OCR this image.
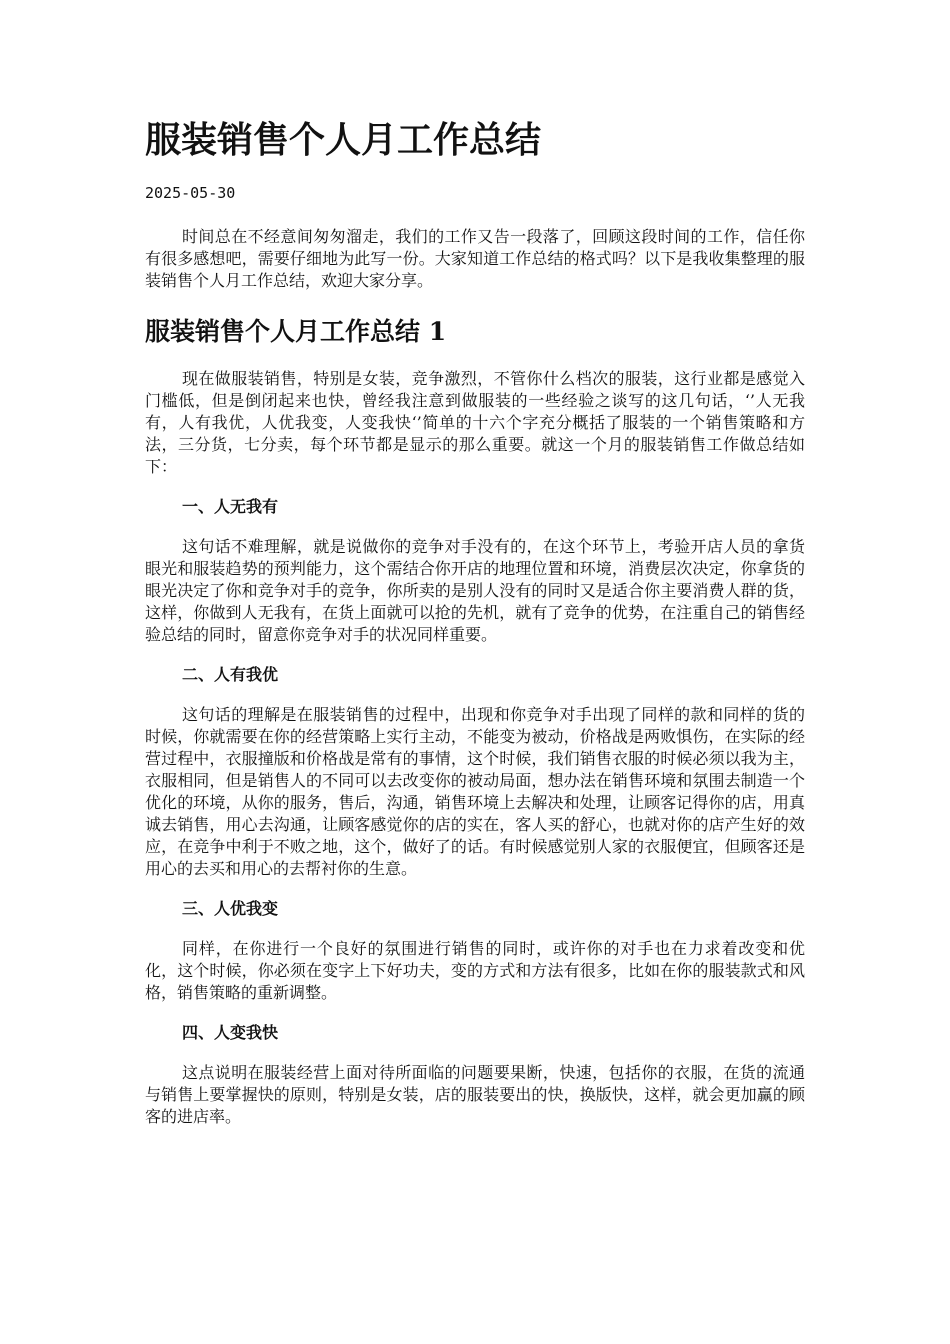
服装销售个人月工作总结
2025-05-30

时间总在不经意间匆匆溜走，我们的工作又告一段落了，回顾这段时间的工作，信任你有很多感想吧，需要仔细地为此写一份。大家知道工作总结的格式吗？以下是我收集整理的服装销售个人月工作总结，欢迎大家分享。

服装销售个人月工作总结 1

现在做服装销售，特别是女装，竞争激烈，不管你什么档次的服装，这行业都是感觉入门槛低，但是倒闭起来也快，曾经我注意到做服装的一些经验之谈写的这几句话，‘’人无我有，人有我优，人优我变，人变我快‘’简单的十六个字充分概括了服装的一个销售策略和方法，三分货，七分卖，每个环节都是显示的那么重要。就这一个月的服装销售工作做总结如下：

一、人无我有

这句话不难理解，就是说做你的竞争对手没有的，在这个环节上，考验开店人员的拿货眼光和服装趋势的预判能力，这个需结合你开店的地理位置和环境，消费层次决定，你拿货的眼光决定了你和竞争对手的竞争，你所卖的是别人没有的同时又是适合你主要消费人群的货，这样，你做到人无我有，在货上面就可以抢的先机，就有了竞争的优势，在注重自己的销售经验总结的同时，留意你竞争对手的状况同样重要。

二、人有我优

这句话的理解是在服装销售的过程中，出现和你竞争对手出现了同样的款和同样的货的时候，你就需要在你的经营策略上实行主动，不能变为被动，价格战是两败惧伤，在实际的经营过程中，衣服撞版和价格战是常有的事情，这个时候，我们销售衣服的时候必须以我为主，衣服相同，但是销售人的不同可以去改变你的被动局面，想办法在销售环境和氛围去制造一个优化的环境，从你的服务，售后，沟通，销售环境上去解决和处理，让顾客记得你的店，用真诚去销售，用心去沟通，让顾客感觉你的店的实在，客人买的舒心，也就对你的店产生好的效应，在竞争中利于不败之地，这个，做好了的话。有时候感觉别人家的衣服便宜，但顾客还是用心的去买和用心的去帮衬你的生意。

三、人优我变

同样，在你进行一个良好的氛围进行销售的同时，或许你的对手也在力求着改变和优化，这个时候，你必须在变字上下好功夫，变的方式和方法有很多，比如在你的服装款式和风格，销售策略的重新调整。

四、人变我快

这点说明在服装经营上面对待所面临的问题要果断，快速，包括你的衣服，在货的流通与销售上要掌握快的原则，特别是女装，店的服装要出的快，换版快，这样，就会更加赢的顾客的进店率。
